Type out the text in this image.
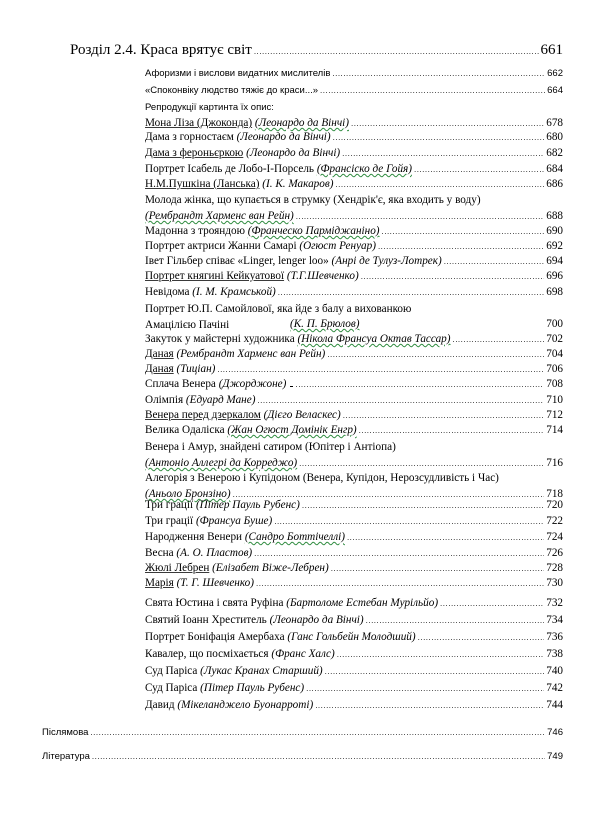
Розділ 2.4. Краса врятує світ .....	661
Афоризми і вислови видатних мислителів .....	662
«Споконвіку людство тяжіє до краси...» .....	664
Репродукції картинта їх опис:
Мона Ліза (Джоконда)
(Леонардо да Вінчі) .....	678
Дама з горностаєм
(Леонардо да Вінчі) .....	680
Дама з фероньєркою
(Леонардо да Вінчі) .....	682
Портрет Ісабель де Лобо-І-Порсель
(Франсіско де Гойя) .....	684
Н.М.Пушкіна (Ланська)
(І. К. Макаров) .....	686
Молода жінка, що купається в струмку (Хендрік'є, яка входить у воду)
(Рембрандт Харменс ван Рейн) .....	688
Мадонна з трояндою
(Франческо Парміджаніно) .....	690
Портрет актриси Жанни Самарі
(Огюст Ренуар) .....	692
Івет Гільбер співає «Linger, lenger loo»
(Анрі де Тулуз-Лотрек) .....	694
Портрет княгині Кейкуатової
(Т.Г.Шевченко) .....	696
Невідома
(І. М. Крамськой) .....	698
Портрет Ю.П. Самойлової, яка йде з балу а вихованкою Амацілією Пачіні	(К. П. Брюлов)	700
Закуток у майстерні художника
(Нікола Франсуа Октав Тассар) .....	702
Даная
(Рембрандт Харменс ван Рейн) .....	704
Даная
(Тиціан) .....	706
Сплача Венера
(Джорджоне) .....	708
Олімпія
(Едуард Мане) .....	710
Венера перед дзеркалом
(Дієго Веласкес) .....	712
Велика Одаліска
(Жан Огюст Домінік Енгр) .....	714
Венера і Амур, знайдені сатиром (Юпітер і Антіопа)
(Антоніо Аллегрі да Корреджо) .....	716
Алегорія з Венерою і Купідоном (Венера, Купідон, Нерозсудливість і Час)
(Аньоло Бронзіно) .....	718
Три грації
(Пітер Пауль Рубенс) .....	720
Три грації
(Франсуа Буше) .....	722
Народження Венери
(Сандро Боттічеллі) .....	724
Весна
(А. О. Пластов) .....	726
Жюлі Лебрен
(Елізабет Віже-Лебрен) .....	728
Марія
(Т. Г. Шевченко) .....	730
Свята Юстина і свята Руфіна
(Бартоломе Естебан Мурільйо) .....	732
Святий Іоанн Хреститель
(Леонардо да Вінчі) .....	734
Портрет Боніфація Амербаха
(Ганс Гольбейн Молодший) .....	736
Кавалер, що посміхається
(Франс Халс) .....	738
Суд Паріса
(Лукас Кранах Старший) .....	740
Суд Паріса
(Пітер Пауль Рубенс) .....	742
Давид
(Мікеланджело Буонарроті) .....	744
Післямова .....	746
Література .....	749
